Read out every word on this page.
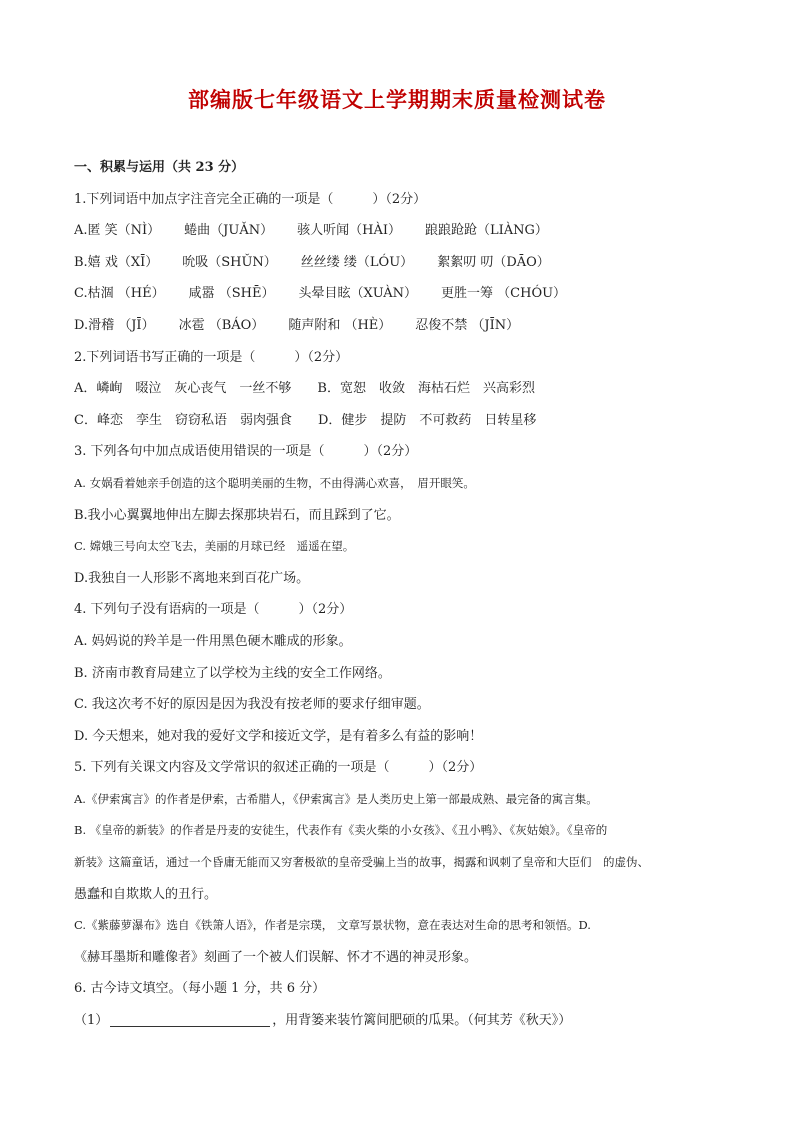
部编版七年级语文上学期期末质量检测试卷
一、积累与运用（共 23 分）
1.下列词语中加点字注音完全正确的一项是（　　　）（2分）
A.匿 笑（NÌ） 蜷曲（JUǍN） 骇人听闻（HÀI） 踉踉跄跄（LIÀNG）
B.嬉 戏（XĪ） 吮吸（SHǓN） 丝丝缕 缕（LÓU） 絮絮叨 叨（DĀO）
C.枯涸 （HÉ） 咸嚣 （SHĒ） 头晕目眩（XUÀN） 更胜一筹 （CHÓU）
D.滑稽 （JĪ） 冰雹 （BÁO） 随声附和 （HÈ） 忍俊不禁 （JĪN）
2.下列词语书写正确的一项是（　　　）（2分）
A．嶙峋　啜泣　灰心丧气　一丝不够　　B．宽恕　收敛　海枯石烂　兴高彩烈
C．峰恋　孪生　窃窃私语　弱肉强食　　D．健步　提防　不可救药　日转星移
3. 下列各句中加点成语使用错误的一项是（　　　）（2分）
A. 女娲看着她亲手创造的这个聪明美丽的生物，不由得满心欢喜，　眉开眼笑。
B.我小心翼翼地伸出左脚去探那块岩石，而且踩到了它。
C. 嫦娥三号向太空飞去，美丽的月球已经　遥遥在望。
D.我独自一人形影不离地来到百花广场。
4. 下列句子没有语病的一项是（　　　）（2分）
A. 妈妈说的羚羊是一件用黑色硬木雕成的形象。
B. 济南市教育局建立了以学校为主线的安全工作网络。
C. 我这次考不好的原因是因为我没有按老师的要求仔细审题。
D. 今天想来，她对我的爱好文学和接近文学，是有着多么有益的影响！
5. 下列有关课文内容及文学常识的叙述正确的一项是（　　　）（2分）
A.《伊索寓言》的作者是伊索，古希腊人，《伊索寓言》是人类历史上第一部最成熟、最完备的寓言集。
B. 《皇帝的新装》的作者是丹麦的安徒生，代表作有《卖火柴的小女孩》、《丑小鸭》、《灰姑娘》。《皇帝的
新装》这篇童话，通过一个昏庸无能而又穷奢极欲的皇帝受骗上当的故事，揭露和讽刺了皇帝和大臣们　的虚伪、
愚蠢和自欺欺人的丑行。
C.《紫藤萝瀑布》选自《铁箫人语》，作者是宗璞， 文章写景状物，意在表达对生命的思考和领悟。D.
《赫耳墨斯和雕像者》刻画了一个被人们误解、怀才不遇的神灵形象。
6. 古今诗文填空。（每小题 1 分，共 6 分）
（1）	，用背篓来装竹篱间肥硕的瓜果。（何其芳《秋天》）
